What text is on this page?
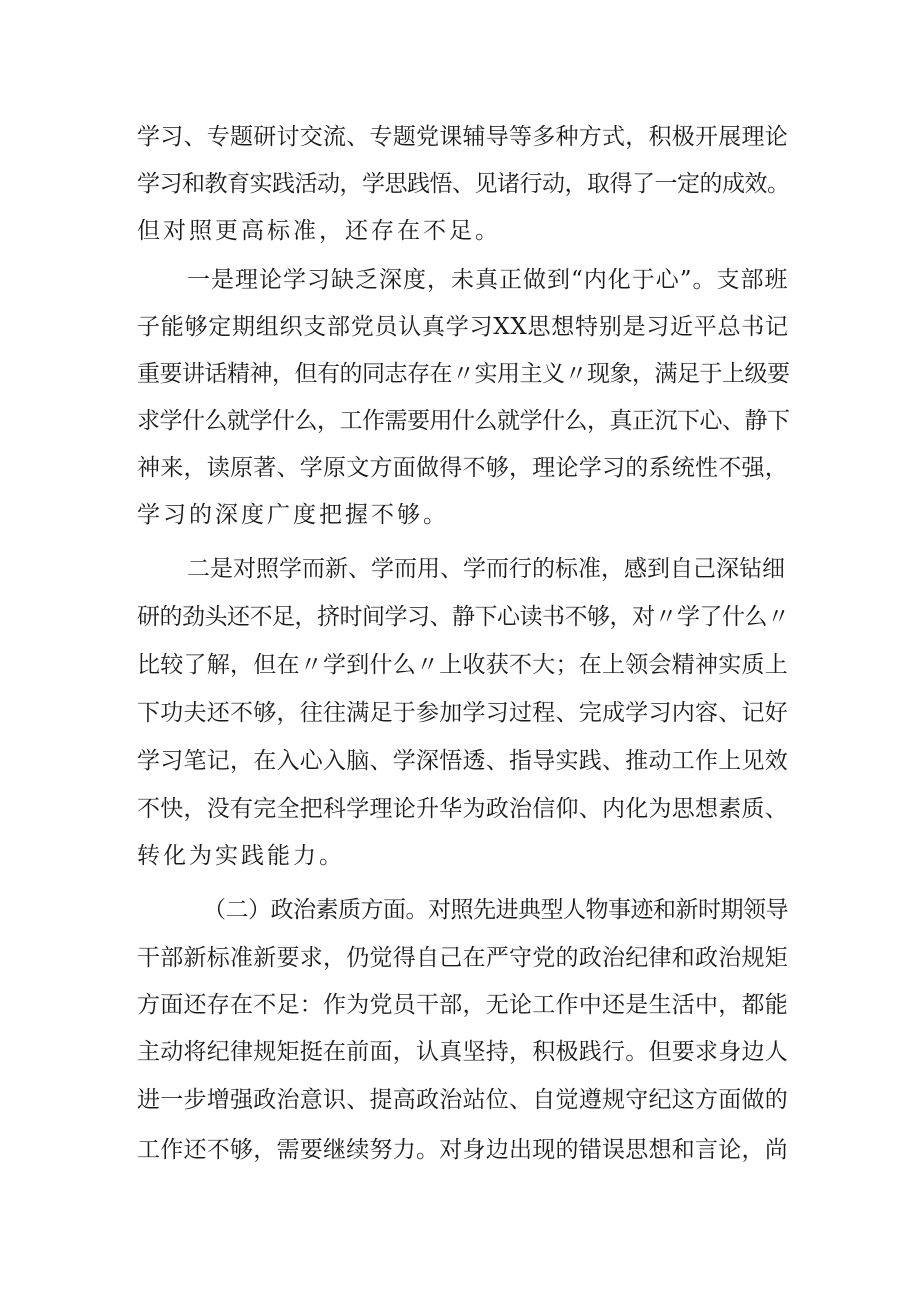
学习、专题研讨交流、专题党课辅导等多种方式，积极开展理论
学习和教育实践活动，学思践悟、见诸行动，取得了一定的成效。
但对照更高标准，还存在不足。
一是理论学习缺乏深度，未真正做到“内化于心”。支部班
子能够定期组织支部党员认真学习XX思想特别是习近平总书记
重要讲话精神，但有的同志存在〃实用主义〃现象，满足于上级要
求学什么就学什么，工作需要用什么就学什么，真正沉下心、静下
神来，读原著、学原文方面做得不够，理论学习的系统性不强，
学习的深度广度把握不够。
二是对照学而新、学而用、学而行的标准，感到自己深钻细
研的劲头还不足，挤时间学习、静下心读书不够，对〃学了什么〃
比较了解，但在〃学到什么〃上收获不大；在上领会精神实质上
下功夫还不够，往往满足于参加学习过程、完成学习内容、记好
学习笔记，在入心入脑、学深悟透、指导实践、推动工作上见效
不快，没有完全把科学理论升华为政治信仰、内化为思想素质、
转化为实践能力。
（二）政治素质方面。对照先进典型人物事迹和新时期领导
干部新标准新要求，仍觉得自己在严守党的政治纪律和政治规矩
方面还存在不足：作为党员干部，无论工作中还是生活中，都能
主动将纪律规矩挺在前面，认真坚持，积极践行。但要求身边人
进一步增强政治意识、提高政治站位、自觉遵规守纪这方面做的
工作还不够，需要继续努力。对身边出现的错误思想和言论，尚
